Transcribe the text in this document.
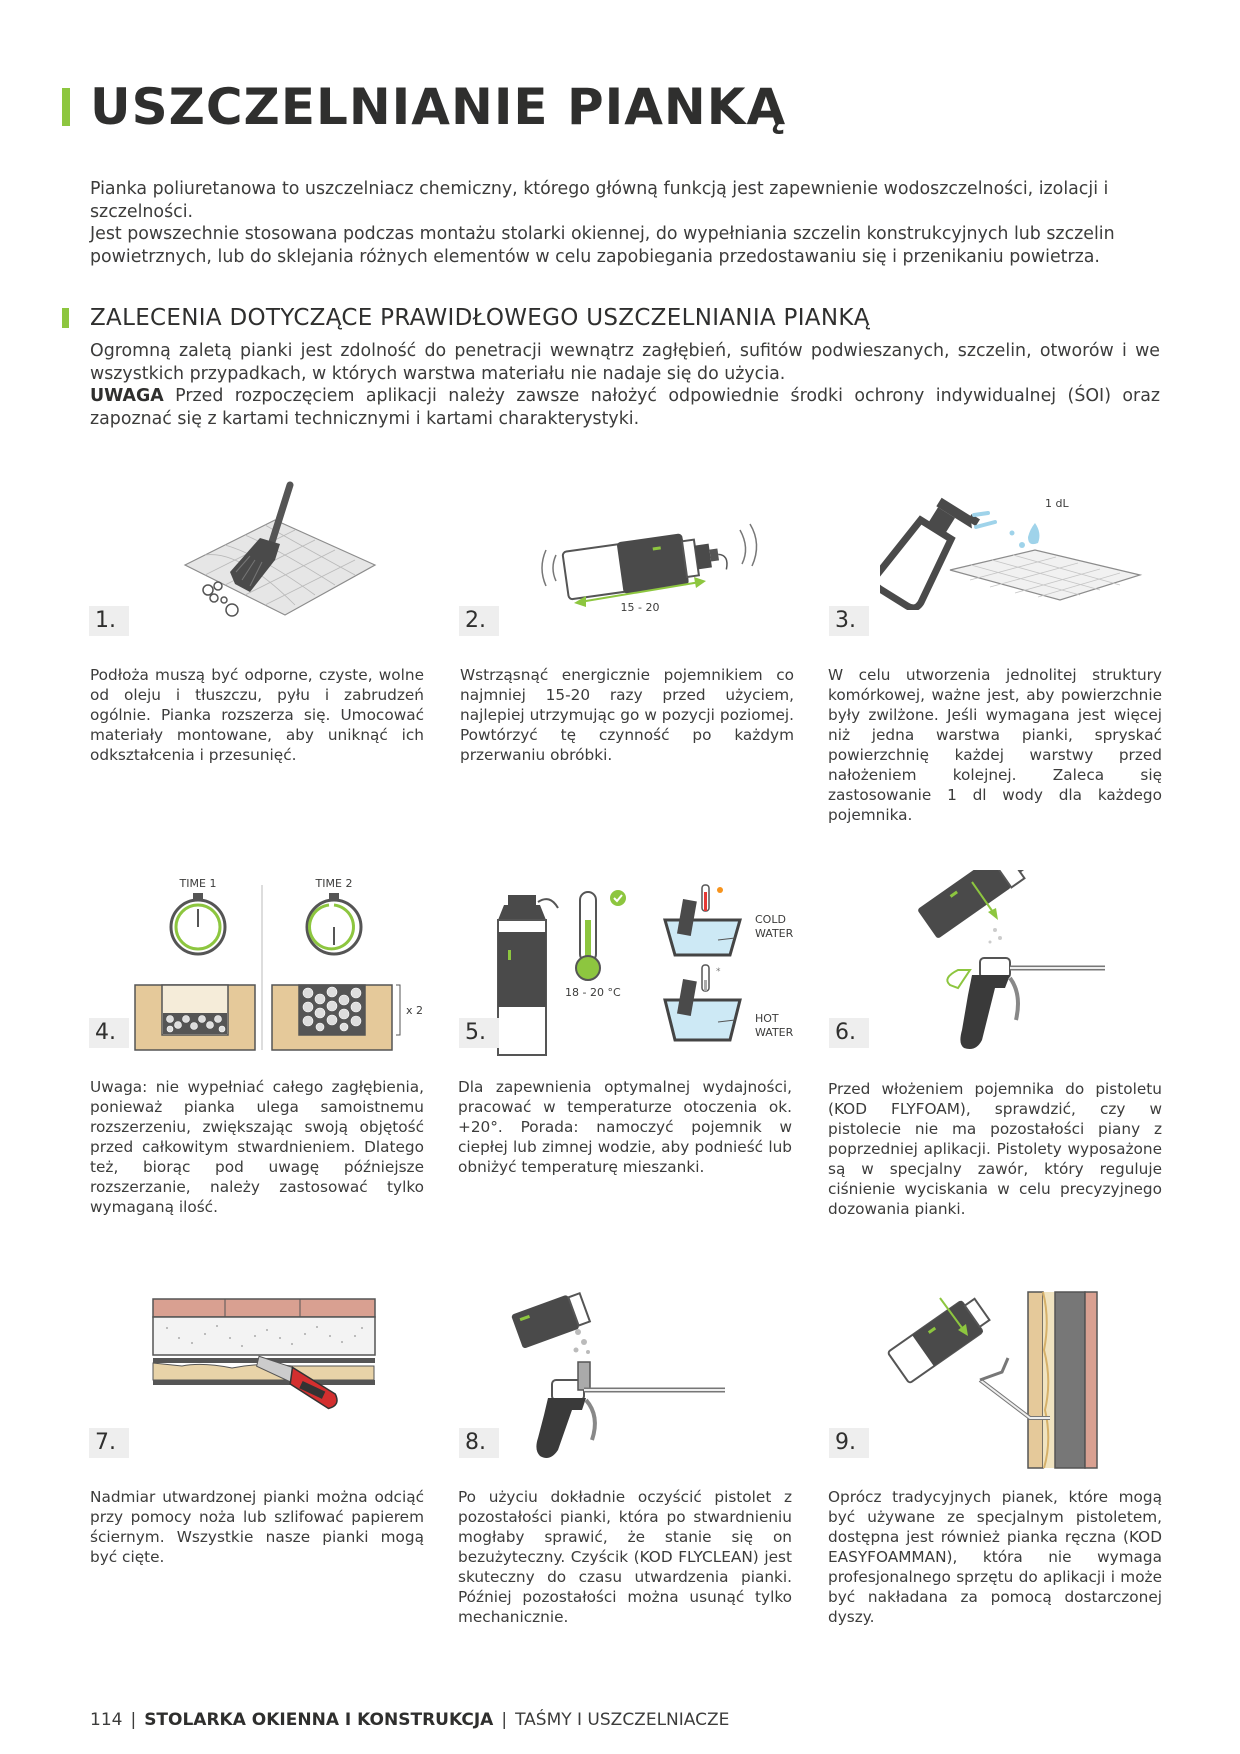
USZCZELNIANIE PIANKĄ
Pianka poliuretanowa to uszczelniacz chemiczny, którego główną funkcją jest zapewnienie wodoszczelności, izolacji i szczelności.
Jest powszechnie stosowana podczas montażu stolarki okiennej, do wypełniania szczelin konstrukcyjnych lub szczelin powietrznych, lub do sklejania różnych elementów w celu zapobiegania przedostawaniu się i przenikaniu powietrza.
ZALECENIA DOTYCZĄCE PRAWIDŁOWEGO USZCZELNIANIA PIANKĄ
Ogromną zaletą pianki jest zdolność do penetracji wewnątrz zagłębień, sufitów podwieszanych, szczelin, otworów i we wszystkich przypadkach, w których warstwa materiału nie nadaje się do użycia.
UWAGA Przed rozpoczęciem aplikacji należy zawsze nałożyć odpowiednie środki ochrony indywidualnej (ŚOI) oraz zapoznać się z kartami technicznymi i kartami charakterystyki.
15 - 20
1 dL
1.	2.	3.
Podłoża muszą być odporne, czyste, wolne od oleju i tłuszczu, pyłu i zabrudzeń ogólnie. Pianka rozszerza się. Umocować materiały montowane, aby uniknąć ich odkształcenia i przesunięć.
Wstrząsnąć energicznie pojemnikiem co najmniej 15-20 razy przed użyciem, najlepiej utrzymując go w pozycji poziomej. Powtórzyć tę czynność po każdym przerwaniu obróbki.
W celu utworzenia jednolitej struktury komórkowej, ważne jest, aby powierzchnie były zwilżone. Jeśli wymagana jest więcej niż jedna warstwa pianki, spryskać powierzchnię każdej warstwy przed nałożeniem kolejnej. Zaleca się zastosowanie 1 dl wody dla każdego pojemnika.
TIME 1	TIME 2
x 2
18 - 20 °C
COLD
WATER
*
HOT
WATER
4.	5.	6.
Uwaga: nie wypełniać całego zagłębienia, ponieważ pianka ulega samoistnemu rozszerzeniu, zwiększając swoją objętość przed całkowitym stwardnieniem. Dlatego też, biorąc pod uwagę późniejsze rozszerzanie, należy zastosować tylko wymaganą ilość.
Dla zapewnienia optymalnej wydajności, pracować w temperaturze otoczenia ok. +20°. Porada: namoczyć pojemnik w ciepłej lub zimnej wodzie, aby podnieść lub obniżyć temperaturę mieszanki.
Przed włożeniem pojemnika do pistoletu (KOD FLYFOAM), sprawdzić, czy w pistolecie nie ma pozostałości piany z poprzedniej aplikacji. Pistolety wyposażone są w specjalny zawór, który reguluje ciśnienie wyciskania w celu precyzyjnego dozowania pianki.
7.	8.	9.
Nadmiar utwardzonej pianki można odciąć przy pomocy noża lub szlifować papierem ściernym. Wszystkie nasze pianki mogą być cięte.
Po użyciu dokładnie oczyścić pistolet z pozostałości pianki, która po stwardnieniu mogłaby sprawić, że stanie się on bezużyteczny. Czyścik (KOD FLYCLEAN) jest skuteczny do czasu utwardzenia pianki. Później pozostałości można usunąć tylko mechanicznie.
Oprócz tradycyjnych pianek, które mogą być używane ze specjalnym pistoletem, dostępna jest również pianka ręczna (KOD EASYFOAMMAN), która nie wymaga profesjonalnego sprzętu do aplikacji i może być nakładana za pomocą dostarczonej dyszy.
114 | STOLARKA OKIENNA I KONSTRUKCJA | TAŚMY I USZCZELNIACZE
